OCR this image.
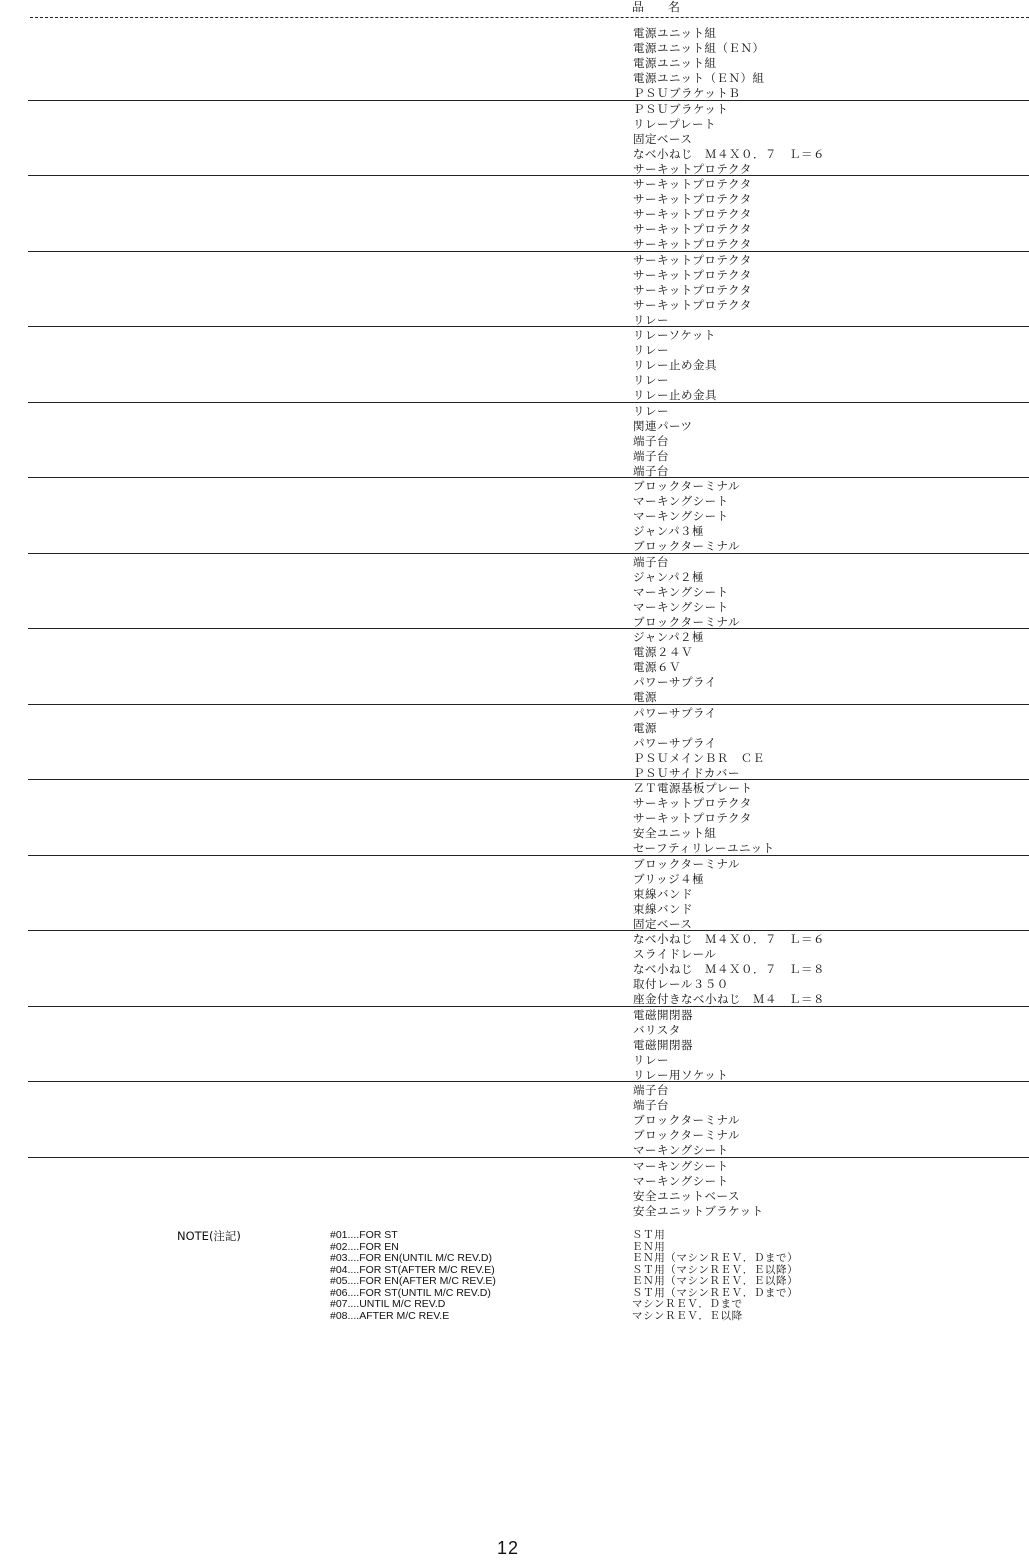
品　名
電源ユニット組
電源ユニット組（ＥＮ）
電源ユニット組
電源ユニット（ＥＮ）組
ＰＳＵブラケットＢ
ＰＳＵブラケット
リレープレート
固定ベース
なべ小ねじ　Ｍ４Ｘ０．７　Ｌ＝６
サーキットプロテクタ
サーキットプロテクタ
サーキットプロテクタ
サーキットプロテクタ
サーキットプロテクタ
サーキットプロテクタ
サーキットプロテクタ
サーキットプロテクタ
サーキットプロテクタ
サーキットプロテクタ
リレー
リレーソケット
リレー
リレー止め金具
リレー
リレー止め金具
リレー
関連パーツ
端子台
端子台
端子台
ブロックターミナル
マーキングシート
マーキングシート
ジャンパ３極
ブロックターミナル
端子台
ジャンパ２極
マーキングシート
マーキングシート
ブロックターミナル
ジャンパ２極
電源２４Ｖ
電源６Ｖ
パワーサプライ
電源
パワーサプライ
電源
パワーサプライ
ＰＳＵメインＢＲ　ＣＥ
ＰＳＵサイドカバー
ＺＴ電源基板プレート
サーキットプロテクタ
サーキットプロテクタ
安全ユニット組
セーフティリレーユニット
ブロックターミナル
ブリッジ４極
束線バンド
束線バンド
固定ベース
なべ小ねじ　Ｍ４Ｘ０．７　Ｌ＝６
スライドレール
なべ小ねじ　Ｍ４Ｘ０．７　Ｌ＝８
取付レール３５０
座金付きなべ小ねじ　Ｍ４　Ｌ＝８
電磁開閉器
バリスタ
電磁開閉器
リレー
リレー用ソケット
端子台
端子台
ブロックターミナル
ブロックターミナル
マーキングシート
マーキングシート
マーキングシート
安全ユニットベース
安全ユニットブラケット
NOTE(注記)	#01....FOR ST
#02....FOR EN
#03....FOR EN(UNTIL M/C REV.D)
#04....FOR ST(AFTER M/C REV.E)
#05....FOR EN(AFTER M/C REV.E)
#06....FOR ST(UNTIL M/C REV.D)
#07....UNTIL M/C REV.D
#08....AFTER M/C REV.E
ＳＴ用
ＥＮ用
ＥＮ用（マシンＲＥＶ．Ｄまで）
ＳＴ用（マシンＲＥＶ．Ｅ以降）
ＥＮ用（マシンＲＥＶ．Ｅ以降）
ＳＴ用（マシンＲＥＶ．Ｄまで）
マシンＲＥＶ．Ｄまで
マシンＲＥＶ．Ｅ以降
12
